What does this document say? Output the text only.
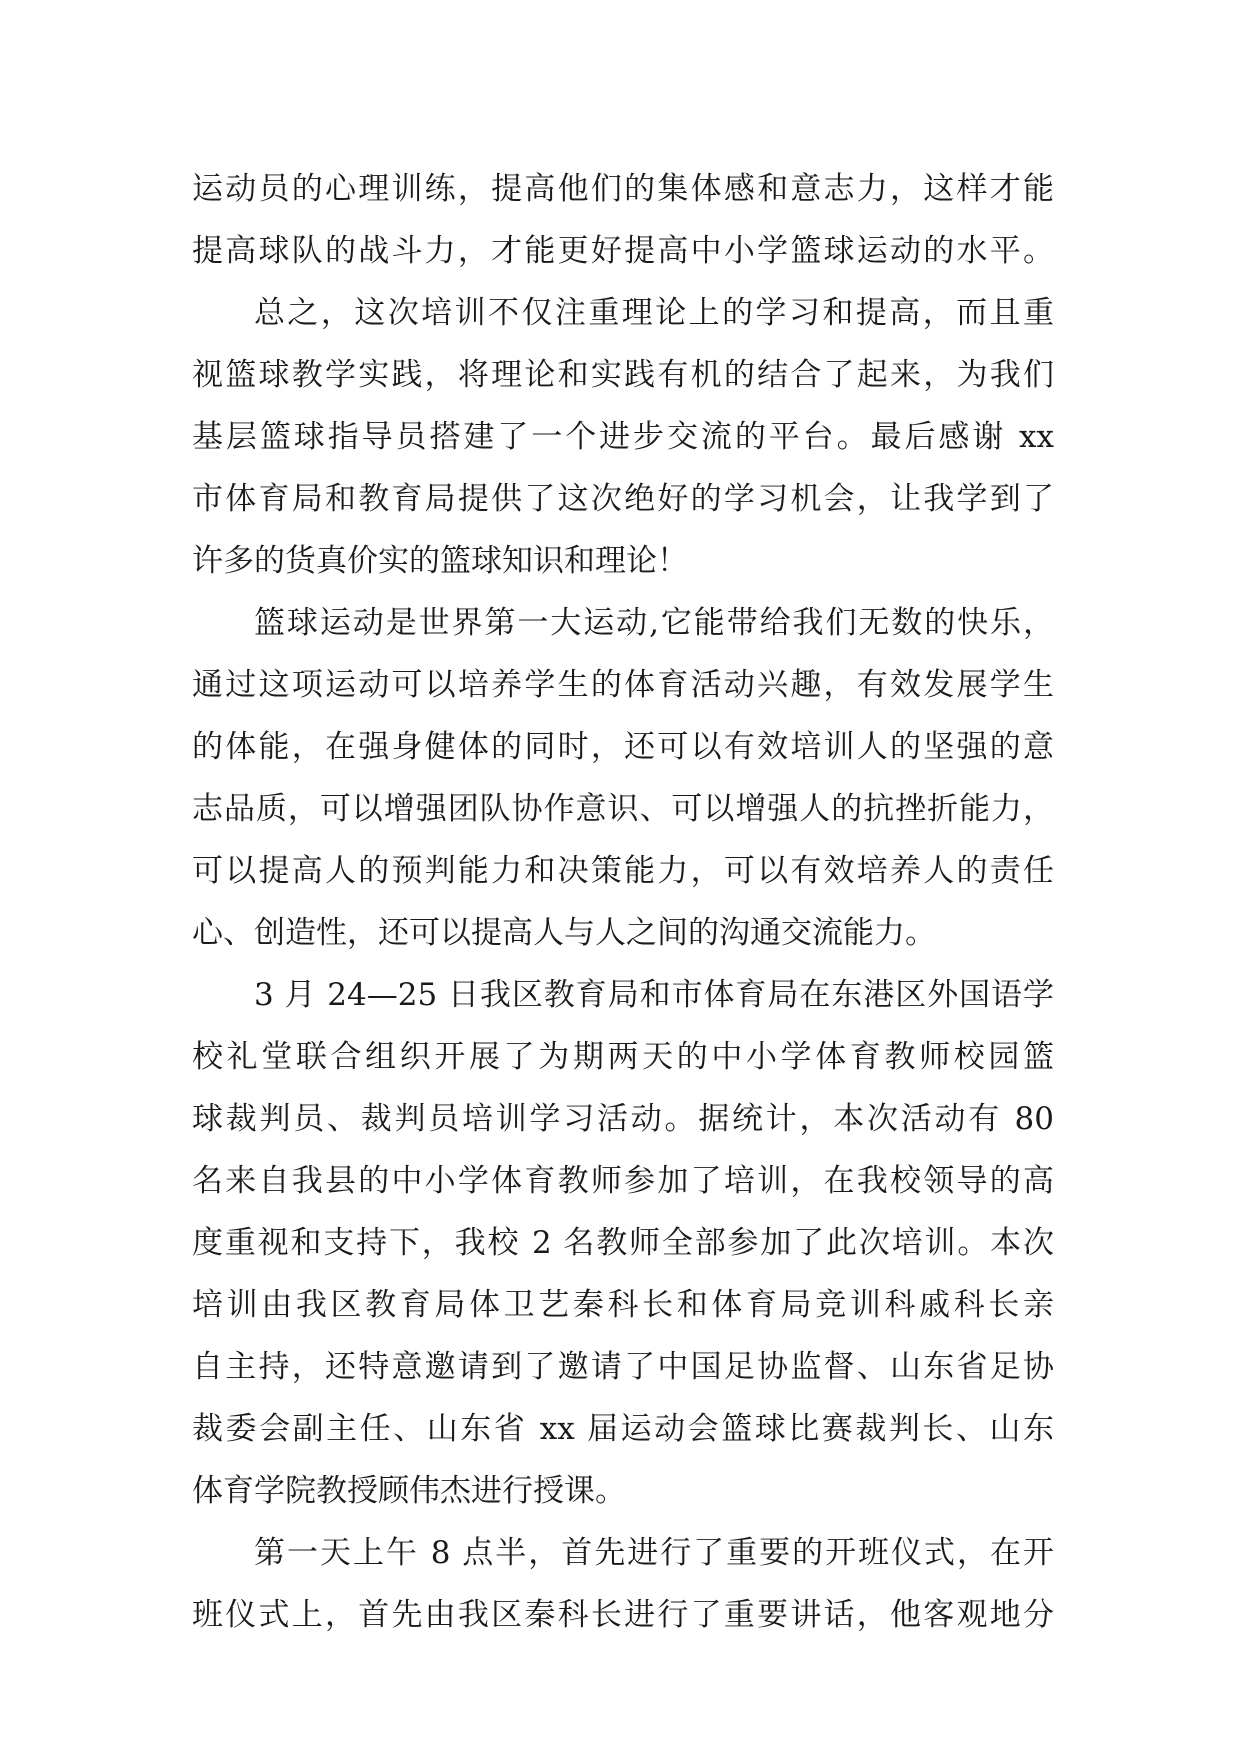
运动员的心理训练，提高他们的集体感和意志力，这样才能
提高球队的战斗力，才能更好提高中小学篮球运动的水平。
总之，这次培训不仅注重理论上的学习和提高，而且重
视篮球教学实践，将理论和实践有机的结合了起来，为我们
基层篮球指导员搭建了一个进步交流的平台。最后感谢 xx
市体育局和教育局提供了这次绝好的学习机会，让我学到了
许多的货真价实的篮球知识和理论！
篮球运动是世界第一大运动,它能带给我们无数的快乐，
通过这项运动可以培养学生的体育活动兴趣，有效发展学生
的体能，在强身健体的同时，还可以有效培训人的坚强的意
志品质，可以增强团队协作意识、可以增强人的抗挫折能力，
可以提高人的预判能力和决策能力，可以有效培养人的责任
心、创造性，还可以提高人与人之间的沟通交流能力。
3 月 24—25 日我区教育局和市体育局在东港区外国语学
校礼堂联合组织开展了为期两天的中小学体育教师校园篮
球裁判员、裁判员培训学习活动。据统计，本次活动有 80
名来自我县的中小学体育教师参加了培训，在我校领导的高
度重视和支持下，我校 2 名教师全部参加了此次培训。本次
培训由我区教育局体卫艺秦科长和体育局竞训科戚科长亲
自主持，还特意邀请到了邀请了中国足协监督、山东省足协
裁委会副主任、山东省 xx 届运动会篮球比赛裁判长、山东
体育学院教授顾伟杰进行授课。
第一天上午 8 点半，首先进行了重要的开班仪式，在开
班仪式上，首先由我区秦科长进行了重要讲话，他客观地分
